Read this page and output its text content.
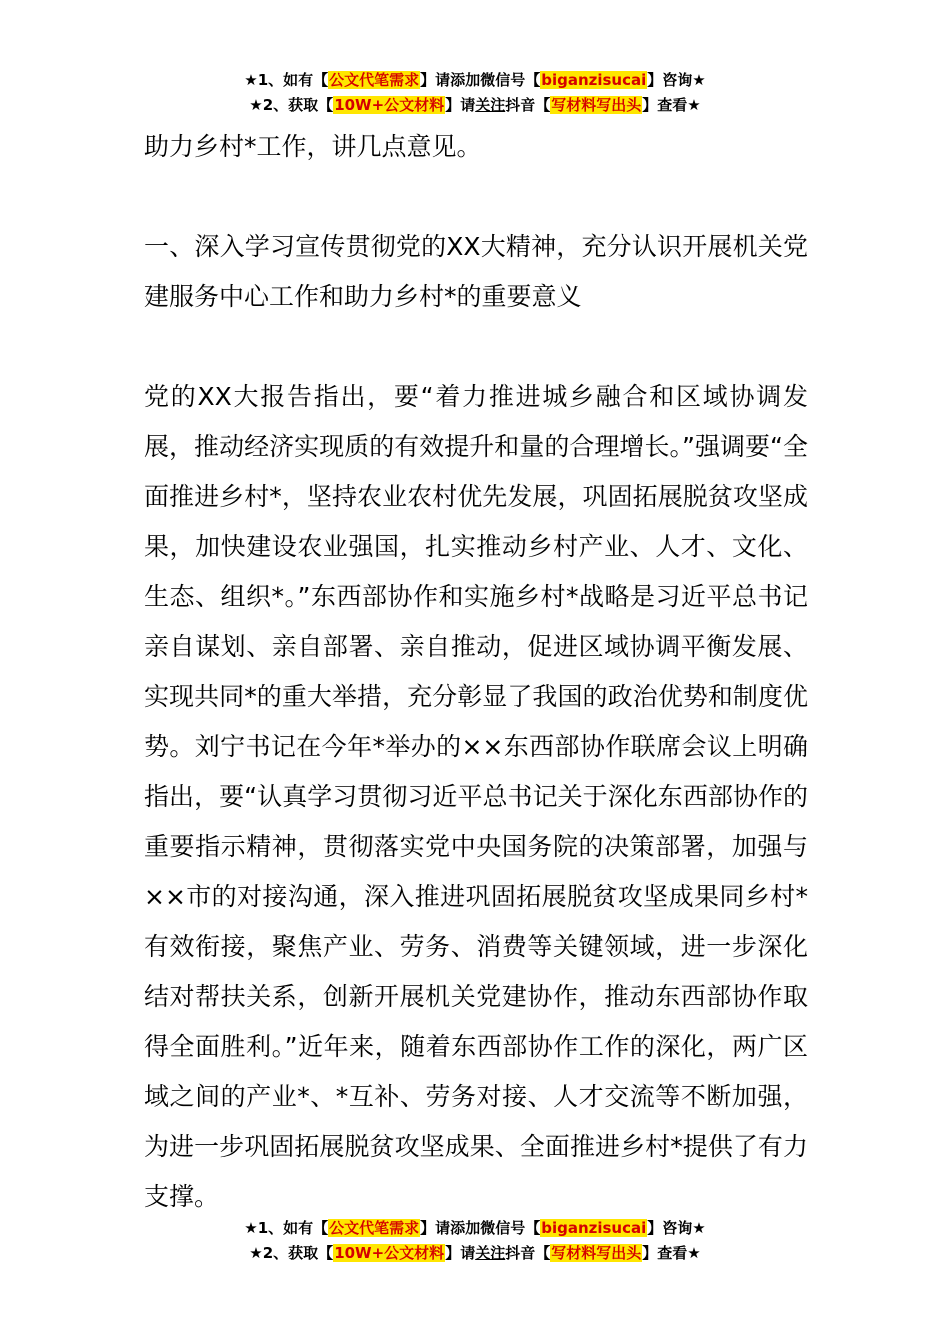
★1、如有【公文代笔需求】请添加微信号【biganzisucai】咨询★
★2、获取【10W+公文材料】请关注抖音【写材料写出头】查看★

助力乡村*工作，讲几点意见。

一、深入学习宣传贯彻党的XX大精神，充分认识开展机关党建服务中心工作和助力乡村*的重要意义

党的XX大报告指出，要“着力推进城乡融合和区域协调发展，推动经济实现质的有效提升和量的合理增长。”强调要“全面推进乡村*，坚持农业农村优先发展，巩固拓展脱贫攻坚成果，加快建设农业强国，扎实推动乡村产业、人才、文化、生态、组织*。”东西部协作和实施乡村*战略是习近平总书记亲自谋划、亲自部署、亲自推动，促进区域协调平衡发展、实现共同*的重大举措，充分彰显了我国的政治优势和制度优势。刘宁书记在今年*举办的××东西部协作联席会议上明确指出，要“认真学习贯彻习近平总书记关于深化东西部协作的重要指示精神，贯彻落实党中央国务院的决策部署，加强与××市的对接沟通，深入推进巩固拓展脱贫攻坚成果同乡村*有效衔接，聚焦产业、劳务、消费等关键领域，进一步深化结对帮扶关系，创新开展机关党建协作，推动东西部协作取得全面胜利。”近年来，随着东西部协作工作的深化，两广区域之间的产业*、*互补、劳务对接、人才交流等不断加强，为进一步巩固拓展脱贫攻坚成果、全面推进乡村*提供了有力支撑。

★1、如有【公文代笔需求】请添加微信号【biganzisucai】咨询★
★2、获取【10W+公文材料】请关注抖音【写材料写出头】查看★
